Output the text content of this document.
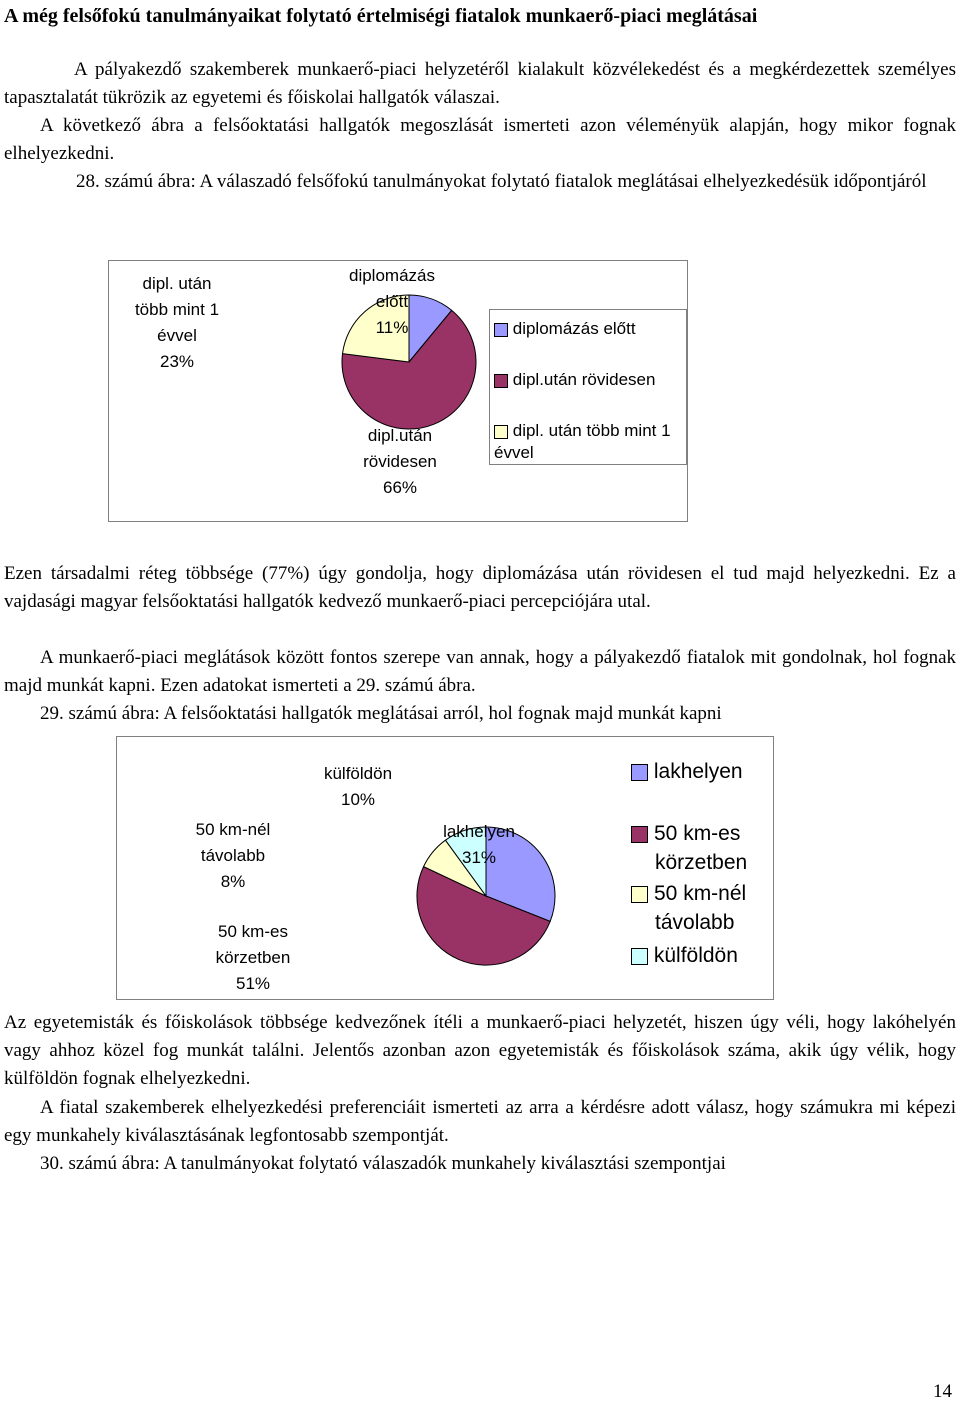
A még felsőfokú tanulmányaikat folytató értelmiségi fiatalok munkaerő-piaci meglátásai
A pályakezdő szakemberek munkaerő-piaci helyzetéről kialakult közvélekedést és a megkérdezettek személyes tapasztalatát tükrözik az egyetemi és főiskolai hallgatók válaszai.
A következő ábra a felsőoktatási hallgatók megoszlását ismerteti azon véleményük alapján, hogy mikor fognak elhelyezkedni.
28. számú ábra: A válaszadó felsőfokú tanulmányokat folytató fiatalok meglátásai elhelyezkedésük időpontjáról
dipl. után
több mint 1
évvel
23%
diplomázás
előtt
11%
dipl.után
rövidesen
66%
diplomázás előtt
dipl.után rövidesen
dipl. után több mint 1 évvel
Ezen társadalmi réteg többsége (77%) úgy gondolja, hogy diplomázása után rövidesen el tud majd helyezkedni. Ez a vajdasági magyar felsőoktatási hallgatók kedvező munkaerő-piaci percepciójára utal.
A munkaerő-piaci meglátások között fontos szerepe van annak, hogy a pályakezdő fiatalok mit gondolnak, hol fognak majd munkát kapni. Ezen adatokat ismerteti a 29. számú ábra.
29. számú ábra: A felsőoktatási hallgatók meglátásai arról, hol fognak majd munkát kapni
50 km-nél
távolabb
8%
50 km-es
körzetben
51%
külföldön
10%
lakhelyen
31%
lakhelyen
50 km-es körzetben
50 km-nél távolabb
külföldön
Az egyetemisták és főiskolások többsége kedvezőnek ítéli a munkaerő-piaci helyzetét, hiszen úgy véli, hogy lakóhelyén vagy ahhoz közel fog munkát találni. Jelentős azonban azon egyetemisták és főiskolások száma, akik úgy vélik, hogy külföldön fognak elhelyezkedni.
A fiatal szakemberek elhelyezkedési preferenciáit ismerteti az arra a kérdésre adott válasz, hogy számukra mi képezi egy munkahely kiválasztásának legfontosabb szempontját.
30. számú ábra: A tanulmányokat folytató válaszadók munkahely kiválasztási szempontjai
14
